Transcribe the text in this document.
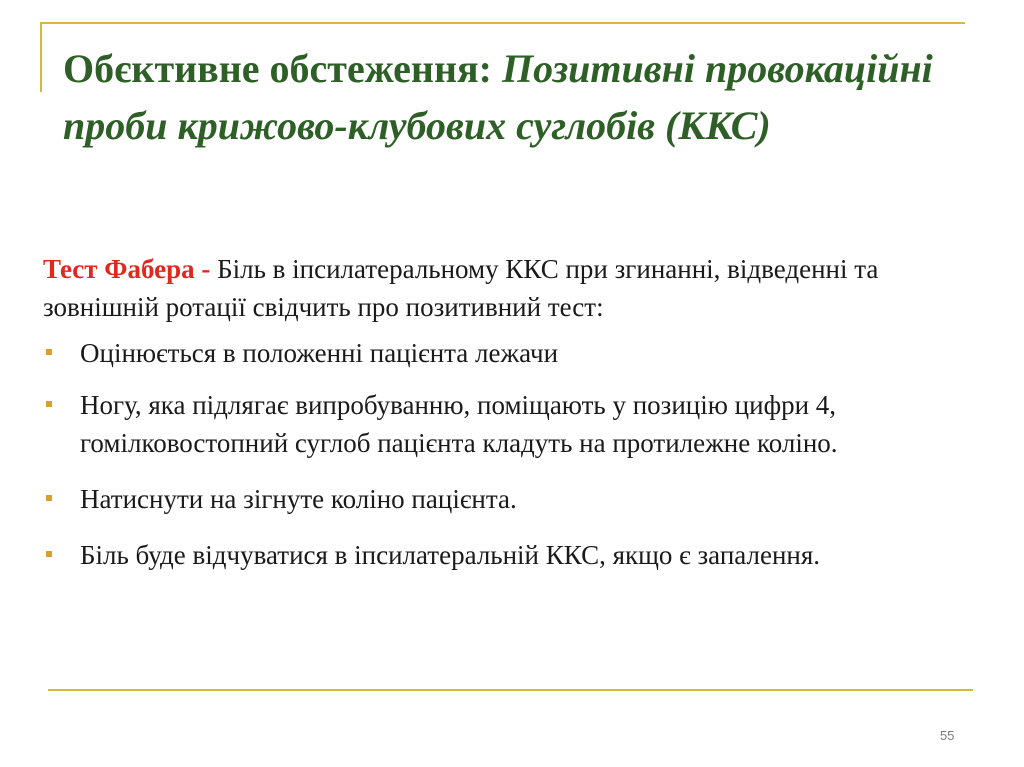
Обєктивне обстеження: Позитивні провокаційні проби крижово-клубових суглобів (ККС)

Тест Фабера - Біль в іпсилатеральному ККС при згинанні, відведенні та зовнішній ротації свідчить про позитивний тест:

Оцінюється в положенні пацієнта лежачи
Ногу, яка підлягає випробуванню, поміщають у позицію цифри 4, гомілковостопний суглоб пацієнта кладуть на протилежне коліно.
Натиснути на зігнуте коліно пацієнта.
Біль буде відчуватися в іпсилатеральній ККС, якщо є запалення.
55
